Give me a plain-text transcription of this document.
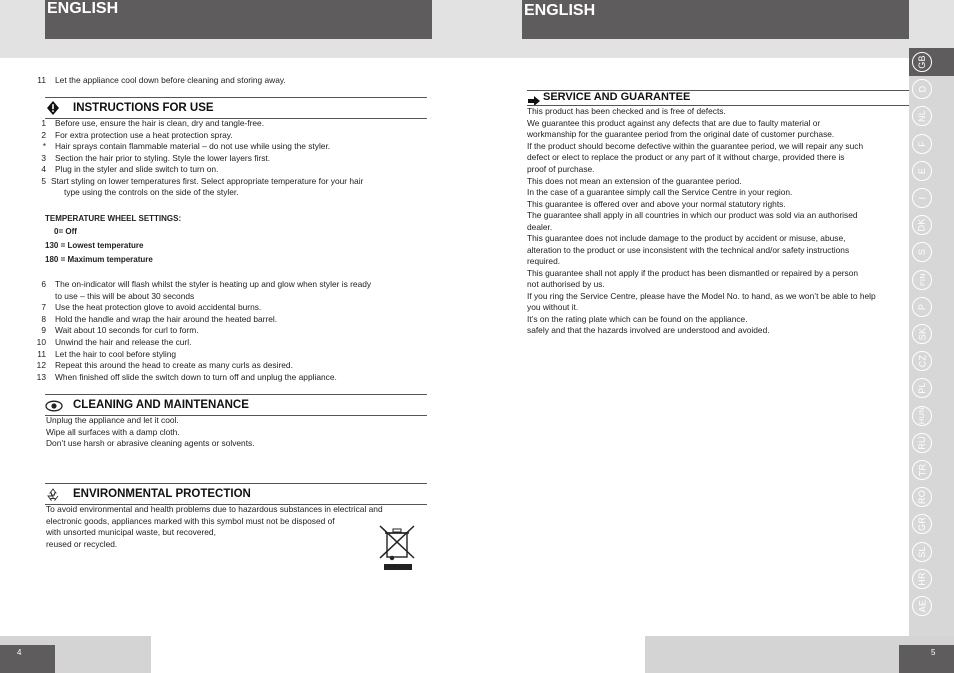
ENGLISH	ENGLISH
11 Let the appliance cool down before cleaning and storing away.
INSTRUCTIONS FOR USE
1 Before use, ensure the hair is clean, dry and tangle-free.
2 For extra protection use a heat protection spray.
* Hair sprays contain flammable material – do not use while using the styler.
3 Section the hair prior to styling. Style the lower layers first.
4 Plug in the styler and slide switch to turn on.
5 Start styling on lower temperatures first. Select appropriate temperature for your hair
type using the controls on the side of the styler.
TEMPERATURE WHEEL SETTINGS:
0= Off
130 = Lowest temperature
180 = Maximum temperature
6 The on-indicator will flash whilst the styler is heating up and glow when styler is ready
to use – this will be about 30 seconds
7 Use the heat protection glove to avoid accidental burns.
8 Hold the handle and wrap the hair around the heated barrel.
9 Wait about 10 seconds for curl to form.
10 Unwind the hair and release the curl.
11 Let the hair to cool before styling
12 Repeat this around the head to create as many curls as desired.
13 When finished off slide the switch down to turn off and unplug the appliance.
CLEANING AND MAINTENANCE
Unplug the appliance and let it cool.
Wipe all surfaces with a damp cloth.
Don’t use harsh or abrasive cleaning agents or solvents.
ENVIRONMENTAL PROTECTION
To avoid environmental and health problems due to hazardous substances in electrical and
electronic goods, appliances marked with this symbol must not be disposed of
with unsorted municipal waste, but recovered,
reused or recycled.
4
SERVICE AND GUARANTEE
This product has been checked and is free of defects.
We guarantee this product against any defects that are due to faulty material or
workmanship for the guarantee period from the original date of customer purchase.
If the product should become defective within the guarantee period, we will repair any such
defect or elect to replace the product or any part of it without charge, provided there is
proof of purchase.
This does not mean an extension of the guarantee period.
In the case of a guarantee simply call the Service Centre in your region.
This guarantee is offered over and above your normal statutory rights.
The guarantee shall apply in all countries in which our product was sold via an authorised
dealer.
This guarantee does not include damage to the product by accident or misuse, abuse,
alteration to the product or use inconsistent with the technical and/or safety instructions
required.
This guarantee shall not apply if the product has been dismantled or repaired by a person
not authorised by us.
If you ring the Service Centre, please have the Model No. to hand, as we won’t be able to help
you without it.
It’s on the rating plate which can be found on the appliance.
safely and that the hazards involved are understood and avoided.
5
GB
D
NL
F
E
I
DK
S
FIN
P
SK
CZ
PL
HUN
RU
TR
RO
GR
SL
HR
AE
